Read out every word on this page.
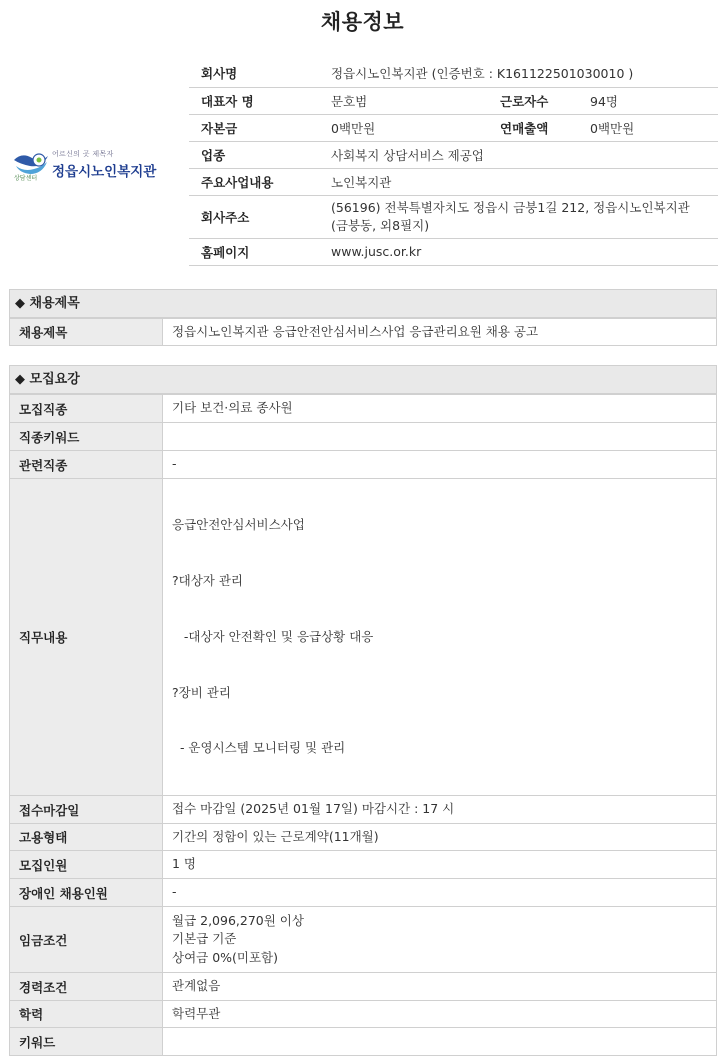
채용정보
어르신의 곳 제목자
정읍시노인복지관
상담센터
회사명	정읍시노인복지관 (인증번호 : K161122501030010 )		
대표자 명	문호범	근로자수	94명
자본금	0백만원	연매출액	0백만원
업종	사회복지 상담서비스 제공업		
주요사업내용	노인복지관		
회사주소	(56196) 전북특별자치도 정읍시 금붕1길 212, 정읍시노인복지관 (금붕동, 외8필지)		
홈페이지	www.jusc.or.kr		
◆ 채용제목
채용제목	정읍시노인복지관 응급안전안심서비스사업 응급관리요원 채용 공고
◆ 모집요강
모집직종	기타 보건·의료 종사원

직종키워드	

관련직종	-

직무내용	응급안전안심서비스사업

?대상자 관리

-대상자 안전확인 및 응급상황 대응

?장비 관리

- 운영시스템 모니터링 및 관리

접수마감일	접수 마감일 (2025년 01월 17일) 마감시간 : 17 시

고용형태	기간의 정함이 있는 근로계약(11개월)

모집인원	1 명

장애인 채용인원	-

임금조건	월급 2,096,270원 이상
기본급 기준
상여금 0%(미포함)

경력조건	관계없음

학력	학력무관

키워드	
